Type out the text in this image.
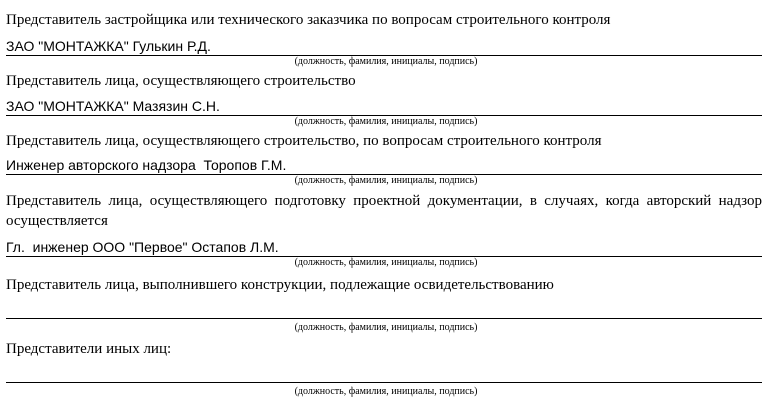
Представитель застройщика или технического заказчика по вопросам строительного контроля
ЗАО "МОНТАЖКА" Гулькин Р.Д.
(должность, фамилия, инициалы, подпись)
Представитель лица, осуществляющего строительство
ЗАО "МОНТАЖКА" Мазязин С.Н.
(должность, фамилия, инициалы, подпись)
Представитель лица, осуществляющего строительство, по вопросам строительного контроля
Инженер авторского надзора  Торопов Г.М.
(должность, фамилия, инициалы, подпись)
Представитель лица, осуществляющего подготовку проектной документации, в случаях, когда авторский надзор осуществляется
Гл.  инженер ООО "Первое" Остапов Л.М.
(должность, фамилия, инициалы, подпись)
Представитель лица, выполнившего конструкции, подлежащие освидетельствованию
(должность, фамилия, инициалы, подпись)
Представители иных лиц:
(должность, фамилия, инициалы, подпись)
